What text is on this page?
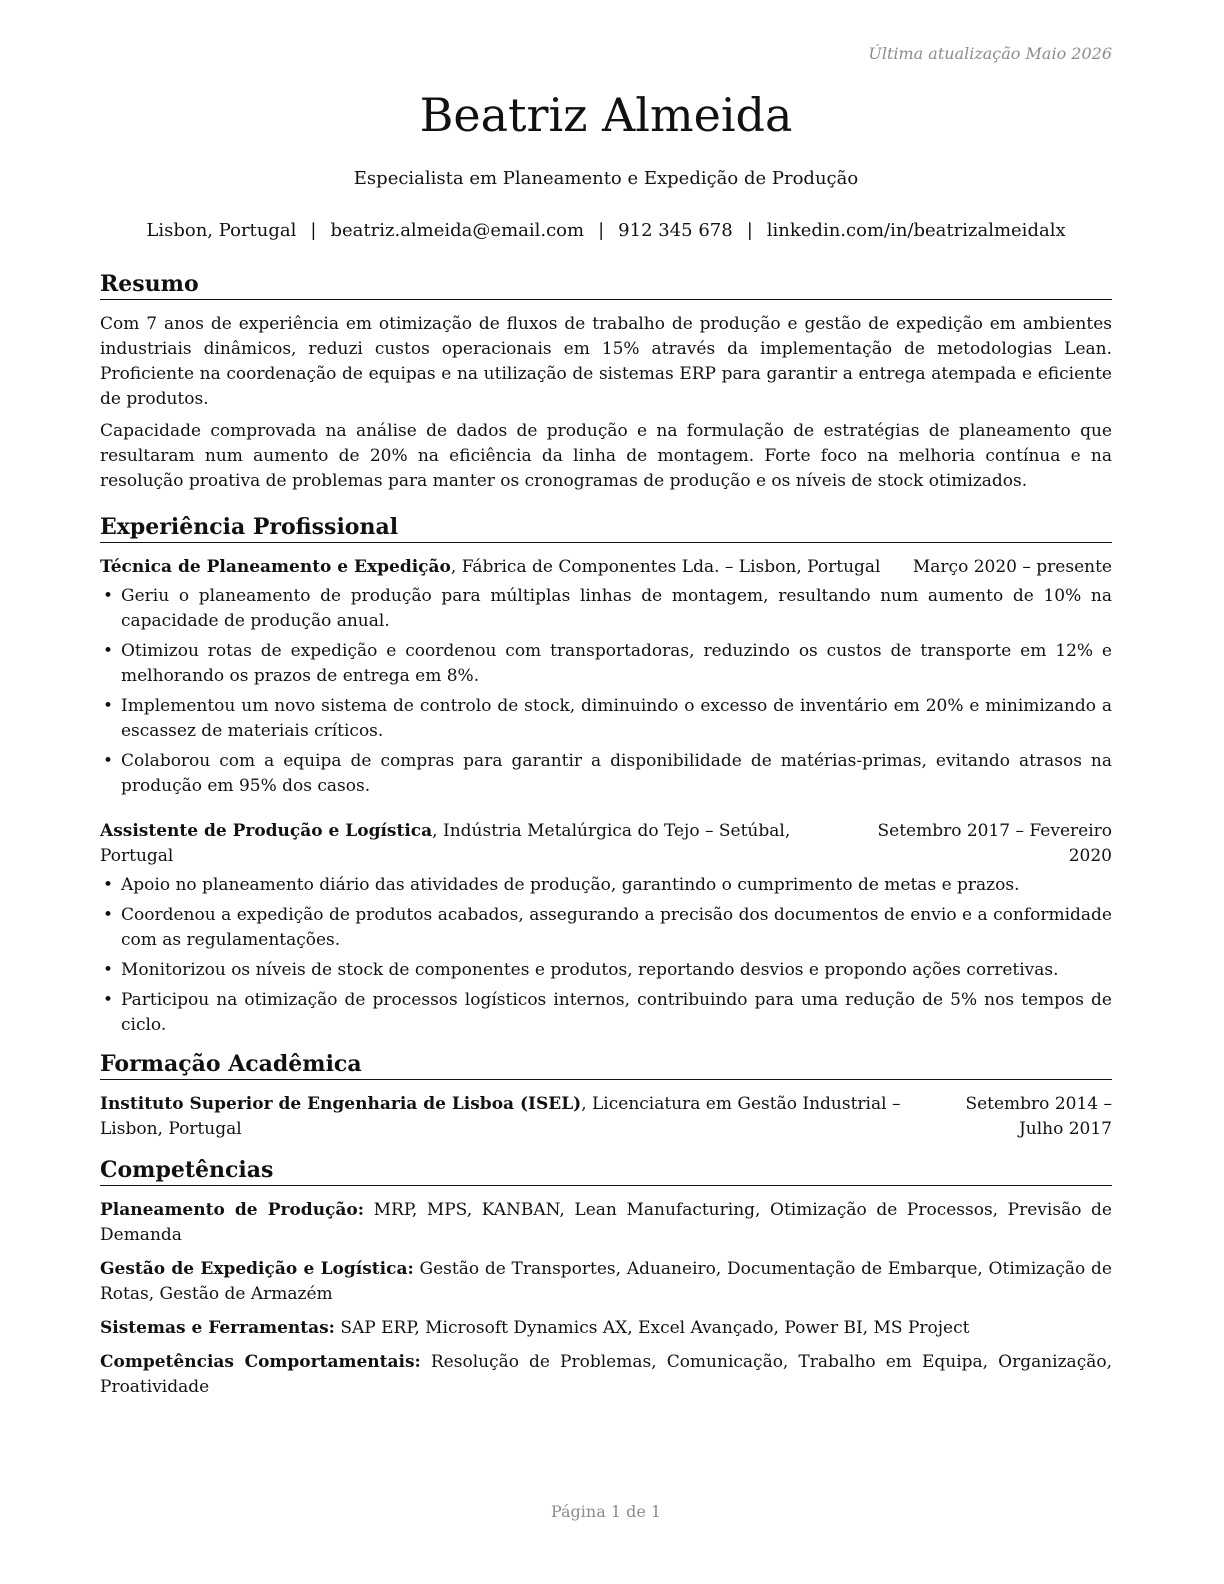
Última atualização Maio 2026
Beatriz Almeida
Especialista em Planeamento e Expedição de Produção
Lisbon, Portugal | beatriz.almeida@email.com | 912 345 678 | linkedin.com/in/beatrizalmeidalx
Resumo

Com 7 anos de experiência em otimização de fluxos de trabalho de produção e gestão de expedição em ambientes industriais dinâmicos, reduzi custos operacionais em 15% através da implementação de metodologias Lean. Proficiente na coordenação de equipas e na utilização de sistemas ERP para garantir a entrega atempada e eficiente de produtos.

Capacidade comprovada na análise de dados de produção e na formulação de estratégias de planeamento que resultaram num aumento de 20% na eficiência da linha de montagem. Forte foco na melhoria contínua e na resolução proativa de problemas para manter os cronogramas de produção e os níveis de stock otimizados.

Experiência Profissional
Técnica de Planeamento e Expedição, Fábrica de Componentes Lda. – Lisbon, Portugal	Março 2020 – presente
• Geriu o planeamento de produção para múltiplas linhas de montagem, resultando num aumento de 10% na capacidade de produção anual.
• Otimizou rotas de expedição e coordenou com transportadoras, reduzindo os custos de transporte em 12% e melhorando os prazos de entrega em 8%.
• Implementou um novo sistema de controlo de stock, diminuindo o excesso de inventário em 20% e minimizando a escassez de materiais críticos.
• Colaborou com a equipa de compras para garantir a disponibilidade de matérias-primas, evitando atrasos na produção em 95% dos casos.
Assistente de Produção e Logística, Indústria Metalúrgica do Tejo – Setúbal, Portugal
Setembro 2017 – Fevereiro 2020
• Apoio no planeamento diário das atividades de produção, garantindo o cumprimento de metas e prazos.
• Coordenou a expedição de produtos acabados, assegurando a precisão dos documentos de envio e a conformidade com as regulamentações.
• Monitorizou os níveis de stock de componentes e produtos, reportando desvios e propondo ações corretivas.
• Participou na otimização de processos logísticos internos, contribuindo para uma redução de 5% nos tempos de ciclo.
Formação Acadêmica
Instituto Superior de Engenharia de Lisboa (ISEL), Licenciatura em Gestão Industrial – Lisbon, Portugal
Setembro 2014 – Julho 2017
Competências

Planeamento de Produção: MRP, MPS, KANBAN, Lean Manufacturing, Otimização de Processos, Previsão de Demanda

Gestão de Expedição e Logística: Gestão de Transportes, Aduaneiro, Documentação de Embarque, Otimização de Rotas, Gestão de Armazém

Sistemas e Ferramentas: SAP ERP, Microsoft Dynamics AX, Excel Avançado, Power BI, MS Project

Competências Comportamentais: Resolução de Problemas, Comunicação, Trabalho em Equipa, Organização, Proatividade

Página 1 de 1
